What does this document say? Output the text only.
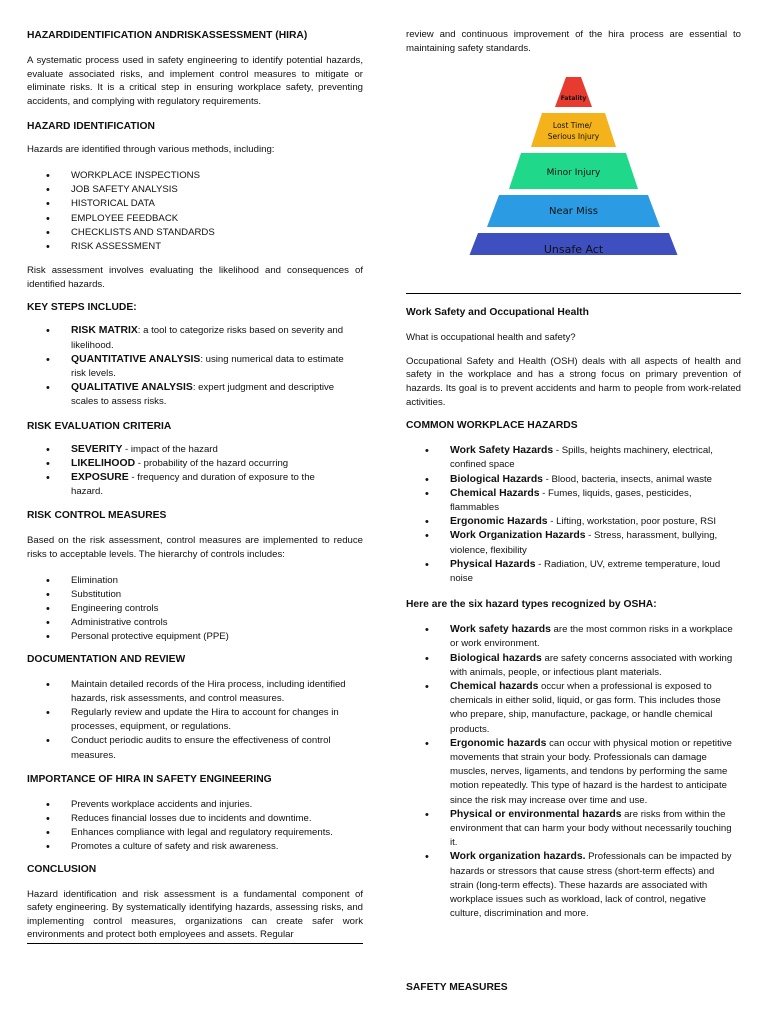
HAZARDIDENTIFICATION ANDRISKASSESSMENT (HIRA)

A systematic process used in safety engineering to identify potential hazards, evaluate associated risks, and implement control measures to mitigate or eliminate risks. It is a critical step in ensuring workplace safety, preventing accidents, and complying with regulatory requirements.

HAZARD IDENTIFICATION

Hazards are identified through various methods, including:

• WORKPLACE INSPECTIONS
• JOB SAFETY ANALYSIS
• HISTORICAL DATA
• EMPLOYEE FEEDBACK
• CHECKLISTS AND STANDARDS
• RISK ASSESSMENT

Risk assessment involves evaluating the likelihood and consequences of identified hazards.

KEY STEPS INCLUDE:
• RISK MATRIX: a tool to categorize risks based on severity and likelihood.
• QUANTITATIVE ANALYSIS: using numerical data to estimate risk levels.
• QUALITATIVE ANALYSIS: expert judgment and descriptive scales to assess risks.
RISK EVALUATION CRITERIA
• SEVERITY - impact of the hazard
• LIKELIHOOD - probability of the hazard occurring
• EXPOSURE - frequency and duration of exposure to the hazard.
RISK CONTROL MEASURES

Based on the risk assessment, control measures are implemented to reduce risks to acceptable levels. The hierarchy of controls includes:

• Elimination
• Substitution
• Engineering controls
• Administrative controls
• Personal protective equipment (PPE)
DOCUMENTATION AND REVIEW
• Maintain detailed records of the Hira process, including identified hazards, risk assessments, and control measures.
• Regularly review and update the Hira to account for changes in processes, equipment, or regulations.
• Conduct periodic audits to ensure the effectiveness of control measures.
IMPORTANCE OF HIRA IN SAFETY ENGINEERING
• Prevents workplace accidents and injuries.
• Reduces financial losses due to incidents and downtime.
• Enhances compliance with legal and regulatory requirements.
• Promotes a culture of safety and risk awareness.
CONCLUSION

Hazard identification and risk assessment is a fundamental component of safety engineering. By systematically identifying hazards, assessing risks, and implementing control measures, organizations can create safer work environments and protect both employees and assets. Regular

review and continuous improvement of the hira process are essential to maintaining safety standards.

Fatality
Lost Time/ Serious Injury
Minor Injury
Near Miss
Unsafe Act
Work Safety and Occupational Health

What is occupational health and safety?

Occupational Safety and Health (OSH) deals with all aspects of health and safety in the workplace and has a strong focus on primary prevention of hazards. Its goal is to prevent accidents and harm to people from work-related activities.

COMMON WORKPLACE HAZARDS
• Work Safety Hazards - Spills, heights machinery, electrical, confined space
• Biological Hazards - Blood, bacteria, insects, animal waste
• Chemical Hazards - Fumes, liquids, gases, pesticides, flammables
• Ergonomic Hazards - Lifting, workstation, poor posture, RSI
• Work Organization Hazards - Stress, harassment, bullying, violence, flexibility
• Physical Hazards - Radiation, UV, extreme temperature, loud noise
Here are the six hazard types recognized by OSHA:
• Work safety hazards are the most common risks in a workplace or work environment.
• Biological hazards are safety concerns associated with working with animals, people, or infectious plant materials.
• Chemical hazards occur when a professional is exposed to chemicals in either solid, liquid, or gas form. This includes those who prepare, ship, manufacture, package, or handle chemical products.
• Ergonomic hazards can occur with physical motion or repetitive movements that strain your body. Professionals can damage muscles, nerves, ligaments, and tendons by performing the same motion repeatedly. This type of hazard is the hardest to anticipate since the risk may increase over time and use.
• Physical or environmental hazards are risks from within the environment that can harm your body without necessarily touching it.
• Work organization hazards. Professionals can be impacted by hazards or stressors that cause stress (short-term effects) and strain (long-term effects). These hazards are associated with workplace issues such as workload, lack of control, negative culture, discrimination and more.
SAFETY MEASURES
